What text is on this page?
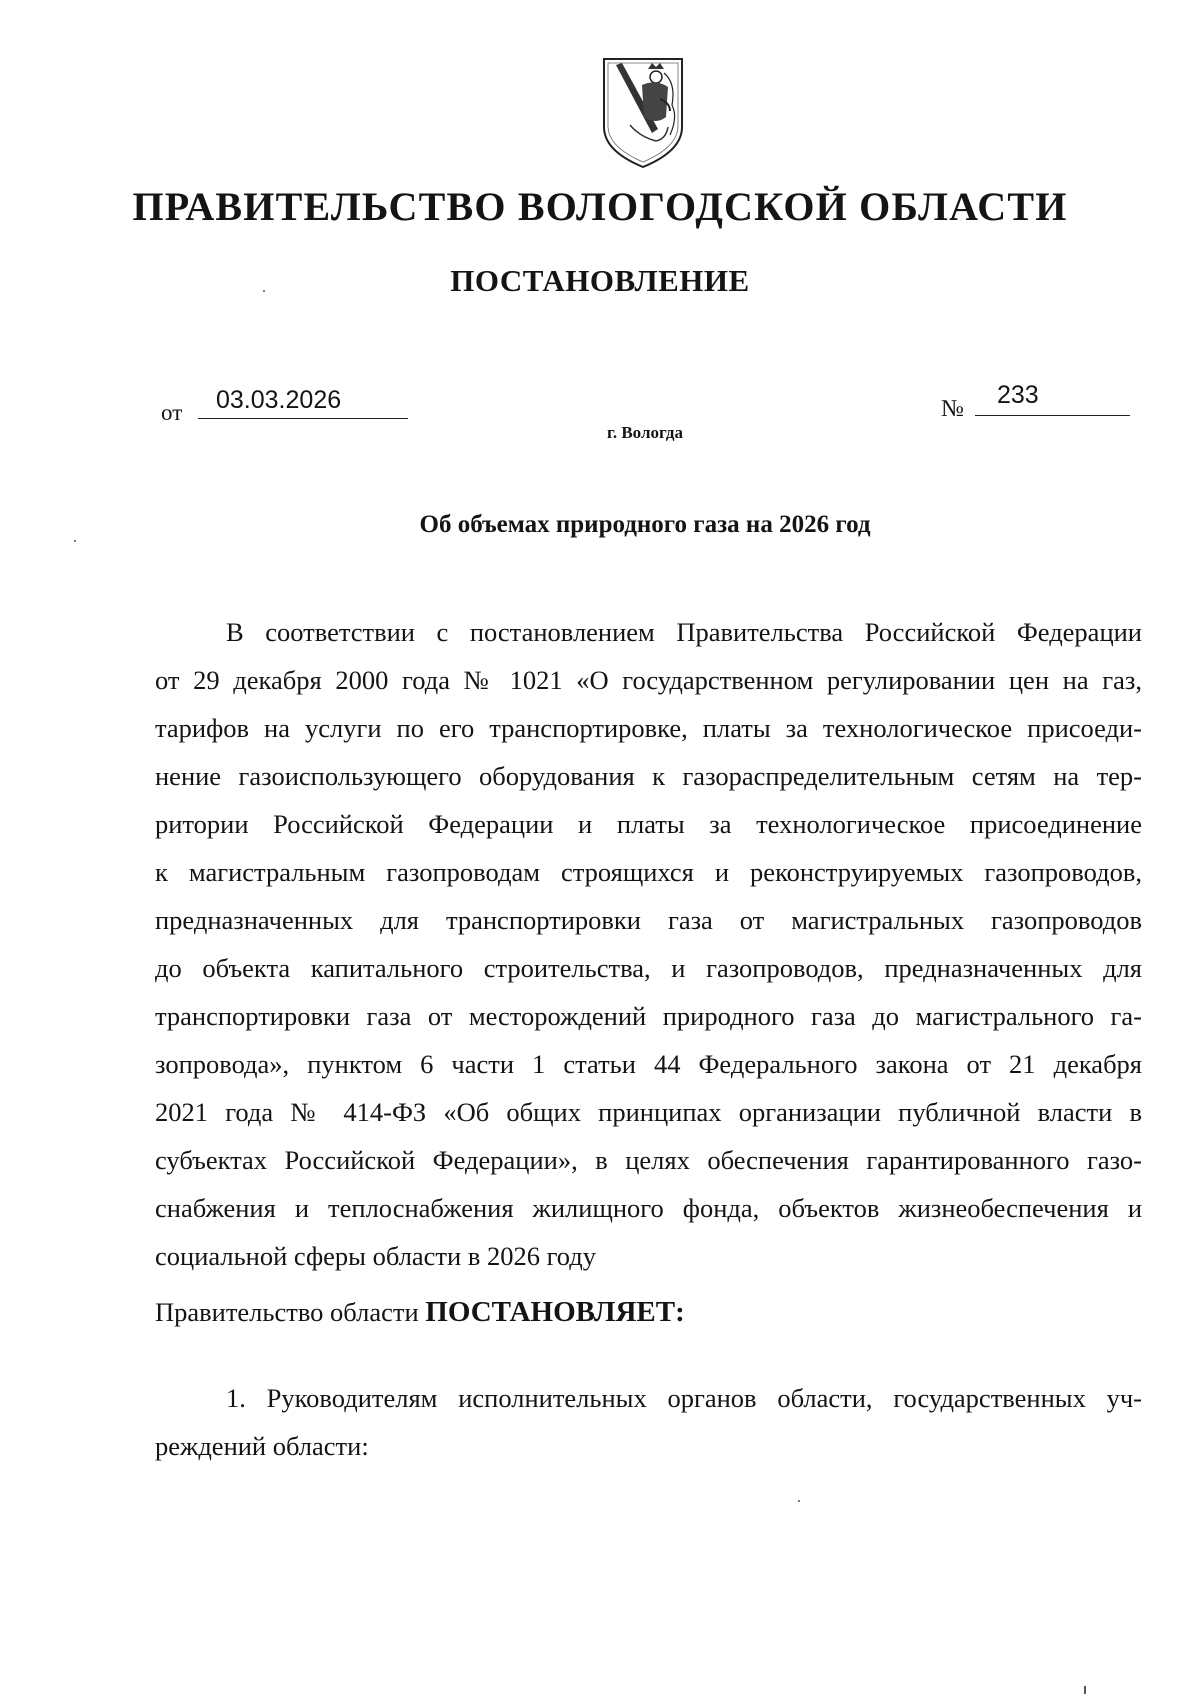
ПРАВИТЕЛЬСТВО ВОЛОГОДСКОЙ ОБЛАСТИ
ПОСТАНОВЛЕНИЕ
от 03.03.2026	№ 233
г. Вологда
Об объемах природного газа на 2026 год
В соответствии с постановлением Правительства Российской Федерации
от 29 декабря 2000 года № 1021 «О государственном регулировании цен на газ,
тарифов на услуги по его транспортировке, платы за технологическое присоеди-
нение газоиспользующего оборудования к газораспределительным сетям на тер-
ритории Российской Федерации и платы за технологическое присоединение
к магистральным газопроводам строящихся и реконструируемых газопроводов,
предназначенных для транспортировки газа от магистральных газопроводов
до объекта капитального строительства, и газопроводов, предназначенных для
транспортировки газа от месторождений природного газа до магистрального га-
зопровода», пунктом 6 части 1 статьи 44 Федерального закона от 21 декабря
2021 года № 414-ФЗ «Об общих принципах организации публичной власти в
субъектах Российской Федерации», в целях обеспечения гарантированного газо-
снабжения и теплоснабжения жилищного фонда, объектов жизнеобеспечения и
социальной сферы области в 2026 году
Правительство области ПОСТАНОВЛЯЕТ:
1. Руководителям исполнительных органов области, государственных уч-
реждений области:
